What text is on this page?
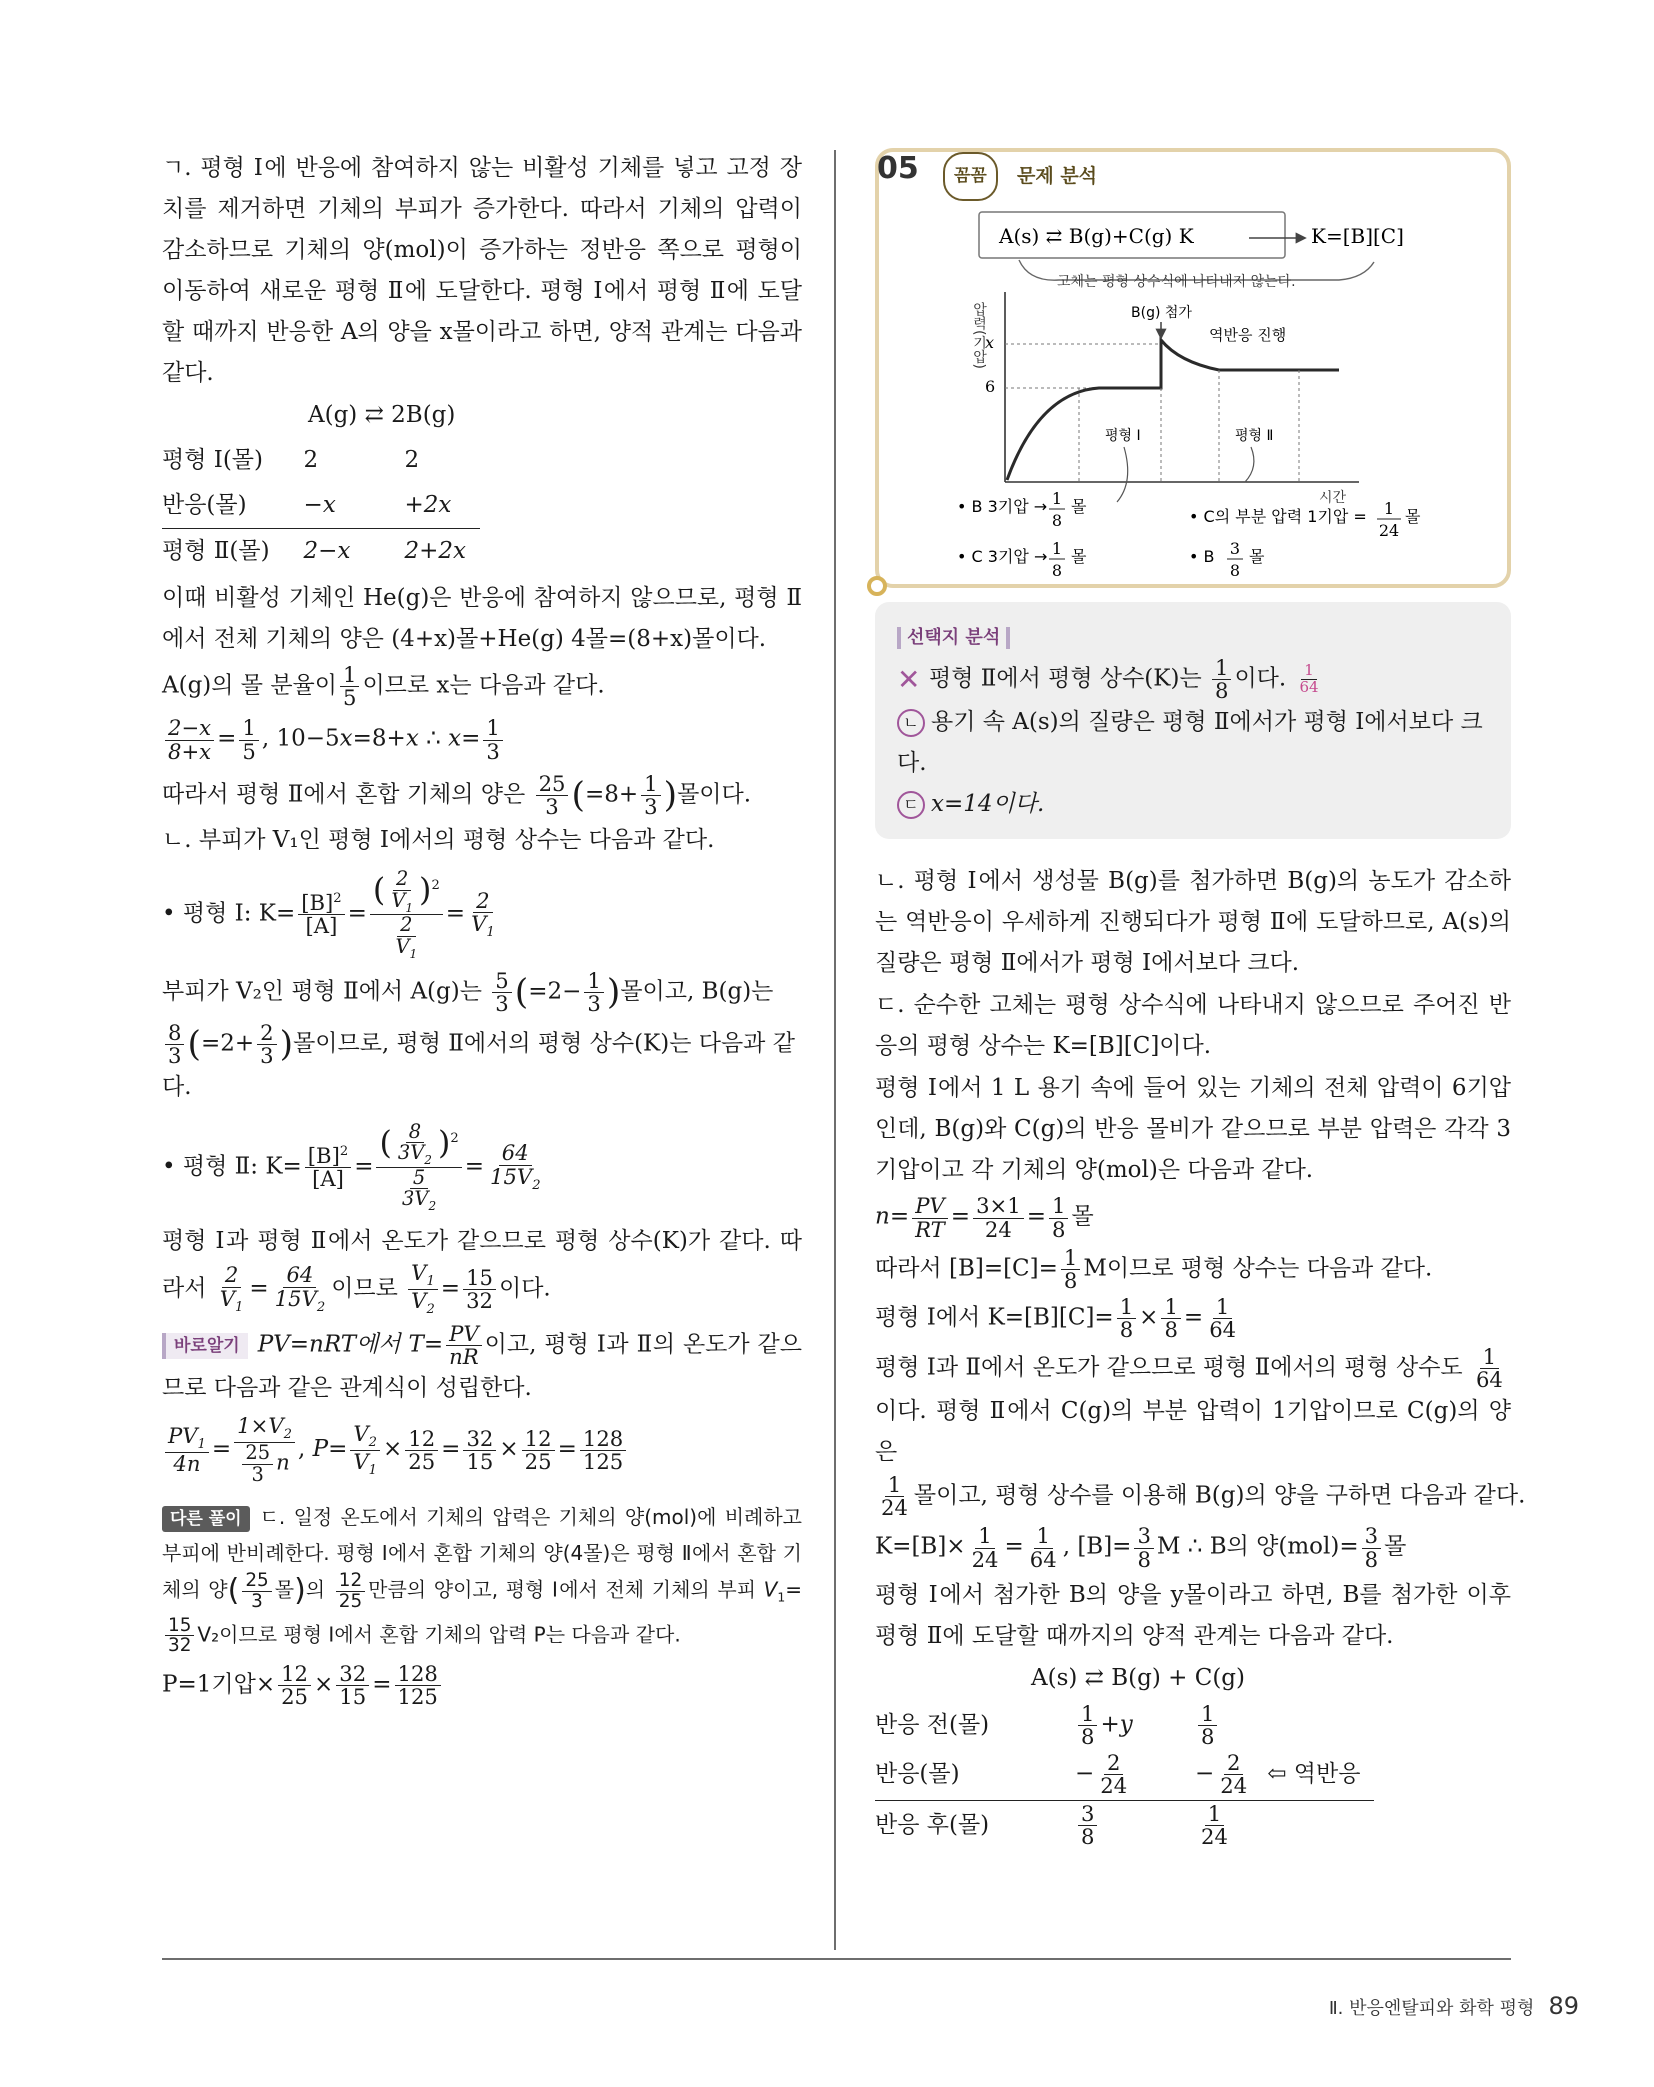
ㄱ. 평형 Ⅰ에 반응에 참여하지 않는 비활성 기체를 넣고 고정 장치를 제거하면 기체의 부피가 증가한다. 따라서 기체의 압력이 감소하므로 기체의 양(mol)이 증가하는 정반응 쪽으로 평형이 이동하여 새로운 평형 Ⅱ에 도달한다. 평형 Ⅰ에서 평형 Ⅱ에 도달할 때까지 반응한 A의 양을 x몰이라고 하면, 양적 관계는 다음과 같다.

A(g) ⇄ 2B(g)
평형 Ⅰ(몰)	2	2
반응(몰)	−x	+2x
평형 Ⅱ(몰)	2−x	2+2x

이때 비활성 기체인 He(g)은 반응에 참여하지 않으므로, 평형 Ⅱ에서 전체 기체의 양은 (4+x)몰+He(g) 4몰=(8+x)몰이다.

A(g)의 몰 분율이 $\frac{1}{5}$ 이므로 x는 다음과 같다.
$\frac{2-x}{8+x} = \frac{1}{5}$ , 10−5x=8+x ∴ $x= \frac{1}{3}$
따라서 평형 Ⅱ에서 혼합 기체의 양은 $\frac{25}{3} (=8+ \frac{1}{3}$ )몰이다.

ㄴ. 부피가 V₁인 평형 Ⅰ에서의 평형 상수는 다음과 같다.

• 평형 Ⅰ: $K= \frac{[B]^2}{[A]} = \frac{( \frac{2}{V_1} )^2}{\frac{2}{V_1}} = \frac{2}{V_1}$
부피가 V₂인 평형 Ⅱ에서 A(g)는 $\frac{5}{3} (=2- \frac{1}{3}$ )몰이고, B(g)는
$\frac{8}{3} (=2+ \frac{2}{3}$ )몰이므로, 평형 Ⅱ에서의 평형 상수(K)는 다음과 같다.
• 평형 Ⅱ: $K= \frac{[B]^2}{[A]} = \frac{( \frac{8}{3V_2} )^2}{\frac{5}{3V_2}} = \frac{64}{15V_2}$

평형 Ⅰ과 평형 Ⅱ에서 온도가 같으므로 평형 상수(K)가 같다. 따라서 $\frac{2}{V_1} = \frac{64}{15V_2}$ 이므로 $\frac{V_1}{V_2} = \frac{15}{32}$ 이다.

바로알기 PV=nRT에서 $T= \frac{PV}{nR}$ 이고, 평형 Ⅰ과 Ⅱ의 온도가 같으므로 다음과 같은 관계식이 성립한다.

$\frac{PV_1}{4n} = \frac{1\times V_2}{\frac{25}{3} n}$ , $P= \frac{V_2}{V_1} \times \frac{12}{25} = \frac{32}{15} \times \frac{12}{25} = \frac{128}{125}$

다른 풀이 ㄷ. 일정 온도에서 기체의 압력은 기체의 양(mol)에 비례하고 부피에 반비례한다. 평형 Ⅰ에서 혼합 기체의 양(4몰)은 평형 Ⅱ에서 혼합 기체의 양( $\frac{25}{3}$ 몰)의 $\frac{12}{25}$ 만큼의 양이고, 평형 Ⅰ에서 전체 기체의 부피 $V_1=$
$\frac{15}{32} V_2$이므로 평형 Ⅰ에서 혼합 기체의 압력 P는 다음과 같다.

P=1기압× $\frac{12}{25} \times \frac{32}{15} = \frac{128}{125}$
05	꼼꼼	문제 분석
A(s) ⇄ B(g)+C(g) K	K=[B][C]
고체는 평형 상수식에 나타내지 않는다.
압력(기압)
시간
x
6
B(g) 첨가
역반응 진행
평형 Ⅰ	평형 Ⅱ
• B 3기압 → 1
8
몰
• C 3기압 → 1
8
몰
• C의 부분 압력 1기압 = 1
24
몰
• B 3
8
몰
선택지 분석
✕ 평형 Ⅱ에서 평형 상수(K)는 $\frac{1}{8}$ 이다. $\frac{1}{64}$
ㄴ 용기 속 A(s)의 질량은 평형 Ⅱ에서가 평형 Ⅰ에서보다 크다.
ㄷ x=14이다.

ㄴ. 평형 Ⅰ에서 생성물 B(g)를 첨가하면 B(g)의 농도가 감소하는 역반응이 우세하게 진행되다가 평형 Ⅱ에 도달하므로, A(s)의 질량은 평형 Ⅱ에서가 평형 Ⅰ에서보다 크다.

ㄷ. 순수한 고체는 평형 상수식에 나타내지 않으므로 주어진 반응의 평형 상수는 K=[B][C]이다.

평형 Ⅰ에서 1 L 용기 속에 들어 있는 기체의 전체 압력이 6기압인데, B(g)와 C(g)의 반응 몰비가 같으므로 부분 압력은 각각 3기압이고 각 기체의 양(mol)은 다음과 같다.

$n= \frac{PV}{RT} = \frac{3\times 1}{24} = \frac{1}{8}$ 몰
따라서 $[B]=[C]= \frac{1}{8}$ M이므로 평형 상수는 다음과 같다.
평형 Ⅰ에서 $K=[B][C]= \frac{1}{8} \times \frac{1}{8} = \frac{1}{64}$
평형 Ⅰ과 Ⅱ에서 온도가 같으므로 평형 Ⅱ에서의 평형 상수도 $\frac{1}{64}$

이다. 평형 Ⅱ에서 C(g)의 부분 압력이 1기압이므로 C(g)의 양은

$\frac{1}{24}$ 몰이고, 평형 상수를 이용해 B(g)의 양을 구하면 다음과 같다.
$K=[B]\times \frac{1}{24} = \frac{1}{64}$ , $[B]= \frac{3}{8}$ M ∴ B의 양$(mol)= \frac{3}{8}$ 몰

평형 Ⅰ에서 첨가한 B의 양을 y몰이라고 하면, B를 첨가한 이후 평형 Ⅱ에 도달할 때까지의 양적 관계는 다음과 같다.

A(s) ⇄ B(g) + C(g)
반응 전(몰)	$\frac{1}{8} +y$	$\frac{1}{8}$

반응(몰)	− $\frac{2}{24}$	− $\frac{2}{24}$	⇦ 역반응
반응 후(몰)	$\frac{3}{8}$	$\frac{1}{24}$

Ⅱ. 반응엔탈피와 화학 평형 89
